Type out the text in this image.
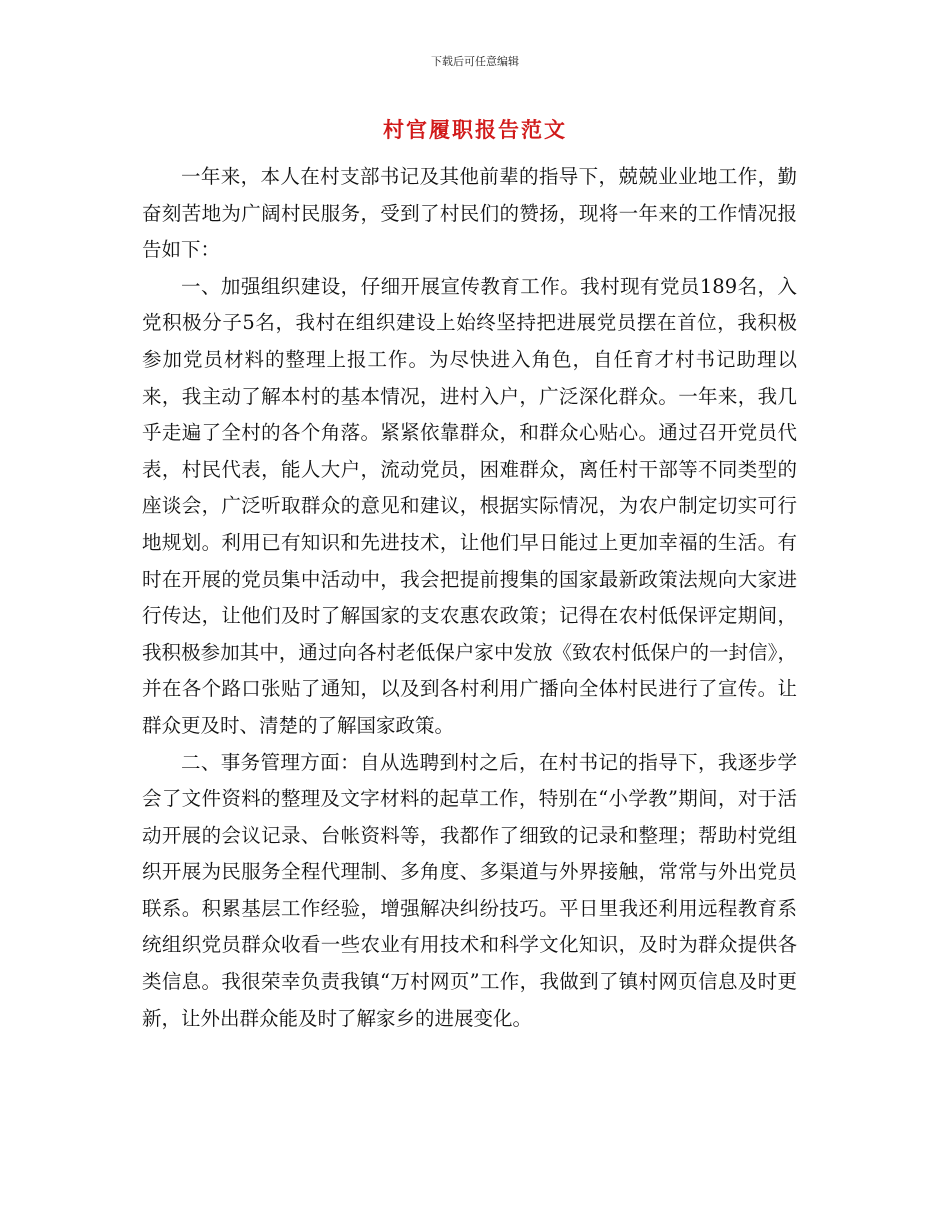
下载后可任意编辑
村官履职报告范文

一年来，本人在村支部书记及其他前辈的指导下，兢兢业业地工作，勤奋刻苦地为广阔村民服务，受到了村民们的赞扬，现将一年来的工作情况报告如下：

一、加强组织建设，仔细开展宣传教育工作。我村现有党员189名，入党积极分子5名，我村在组织建设上始终坚持把进展党员摆在首位，我积极参加党员材料的整理上报工作。为尽快进入角色，自任育才村书记助理以来，我主动了解本村的基本情况，进村入户，广泛深化群众。一年来，我几乎走遍了全村的各个角落。紧紧依靠群众，和群众心贴心。通过召开党员代表，村民代表，能人大户，流动党员，困难群众，离任村干部等不同类型的座谈会，广泛听取群众的意见和建议，根据实际情况，为农户制定切实可行地规划。利用已有知识和先进技术，让他们早日能过上更加幸福的生活。有时在开展的党员集中活动中，我会把提前搜集的国家最新政策法规向大家进行传达，让他们及时了解国家的支农惠农政策；记得在农村低保评定期间，我积极参加其中，通过向各村老低保户家中发放《致农村低保户的一封信》，并在各个路口张贴了通知，以及到各村利用广播向全体村民进行了宣传。让群众更及时、清楚的了解国家政策。

二、事务管理方面：自从选聘到村之后，在村书记的指导下，我逐步学会了文件资料的整理及文字材料的起草工作，特别在“小学教”期间，对于活动开展的会议记录、台帐资料等，我都作了细致的记录和整理；帮助村党组织开展为民服务全程代理制、多角度、多渠道与外界接触，常常与外出党员联系。积累基层工作经验，增强解决纠纷技巧。平日里我还利用远程教育系统组织党员群众收看一些农业有用技术和科学文化知识，及时为群众提供各类信息。我很荣幸负责我镇“万村网页”工作，我做到了镇村网页信息及时更新，让外出群众能及时了解家乡的进展变化。
